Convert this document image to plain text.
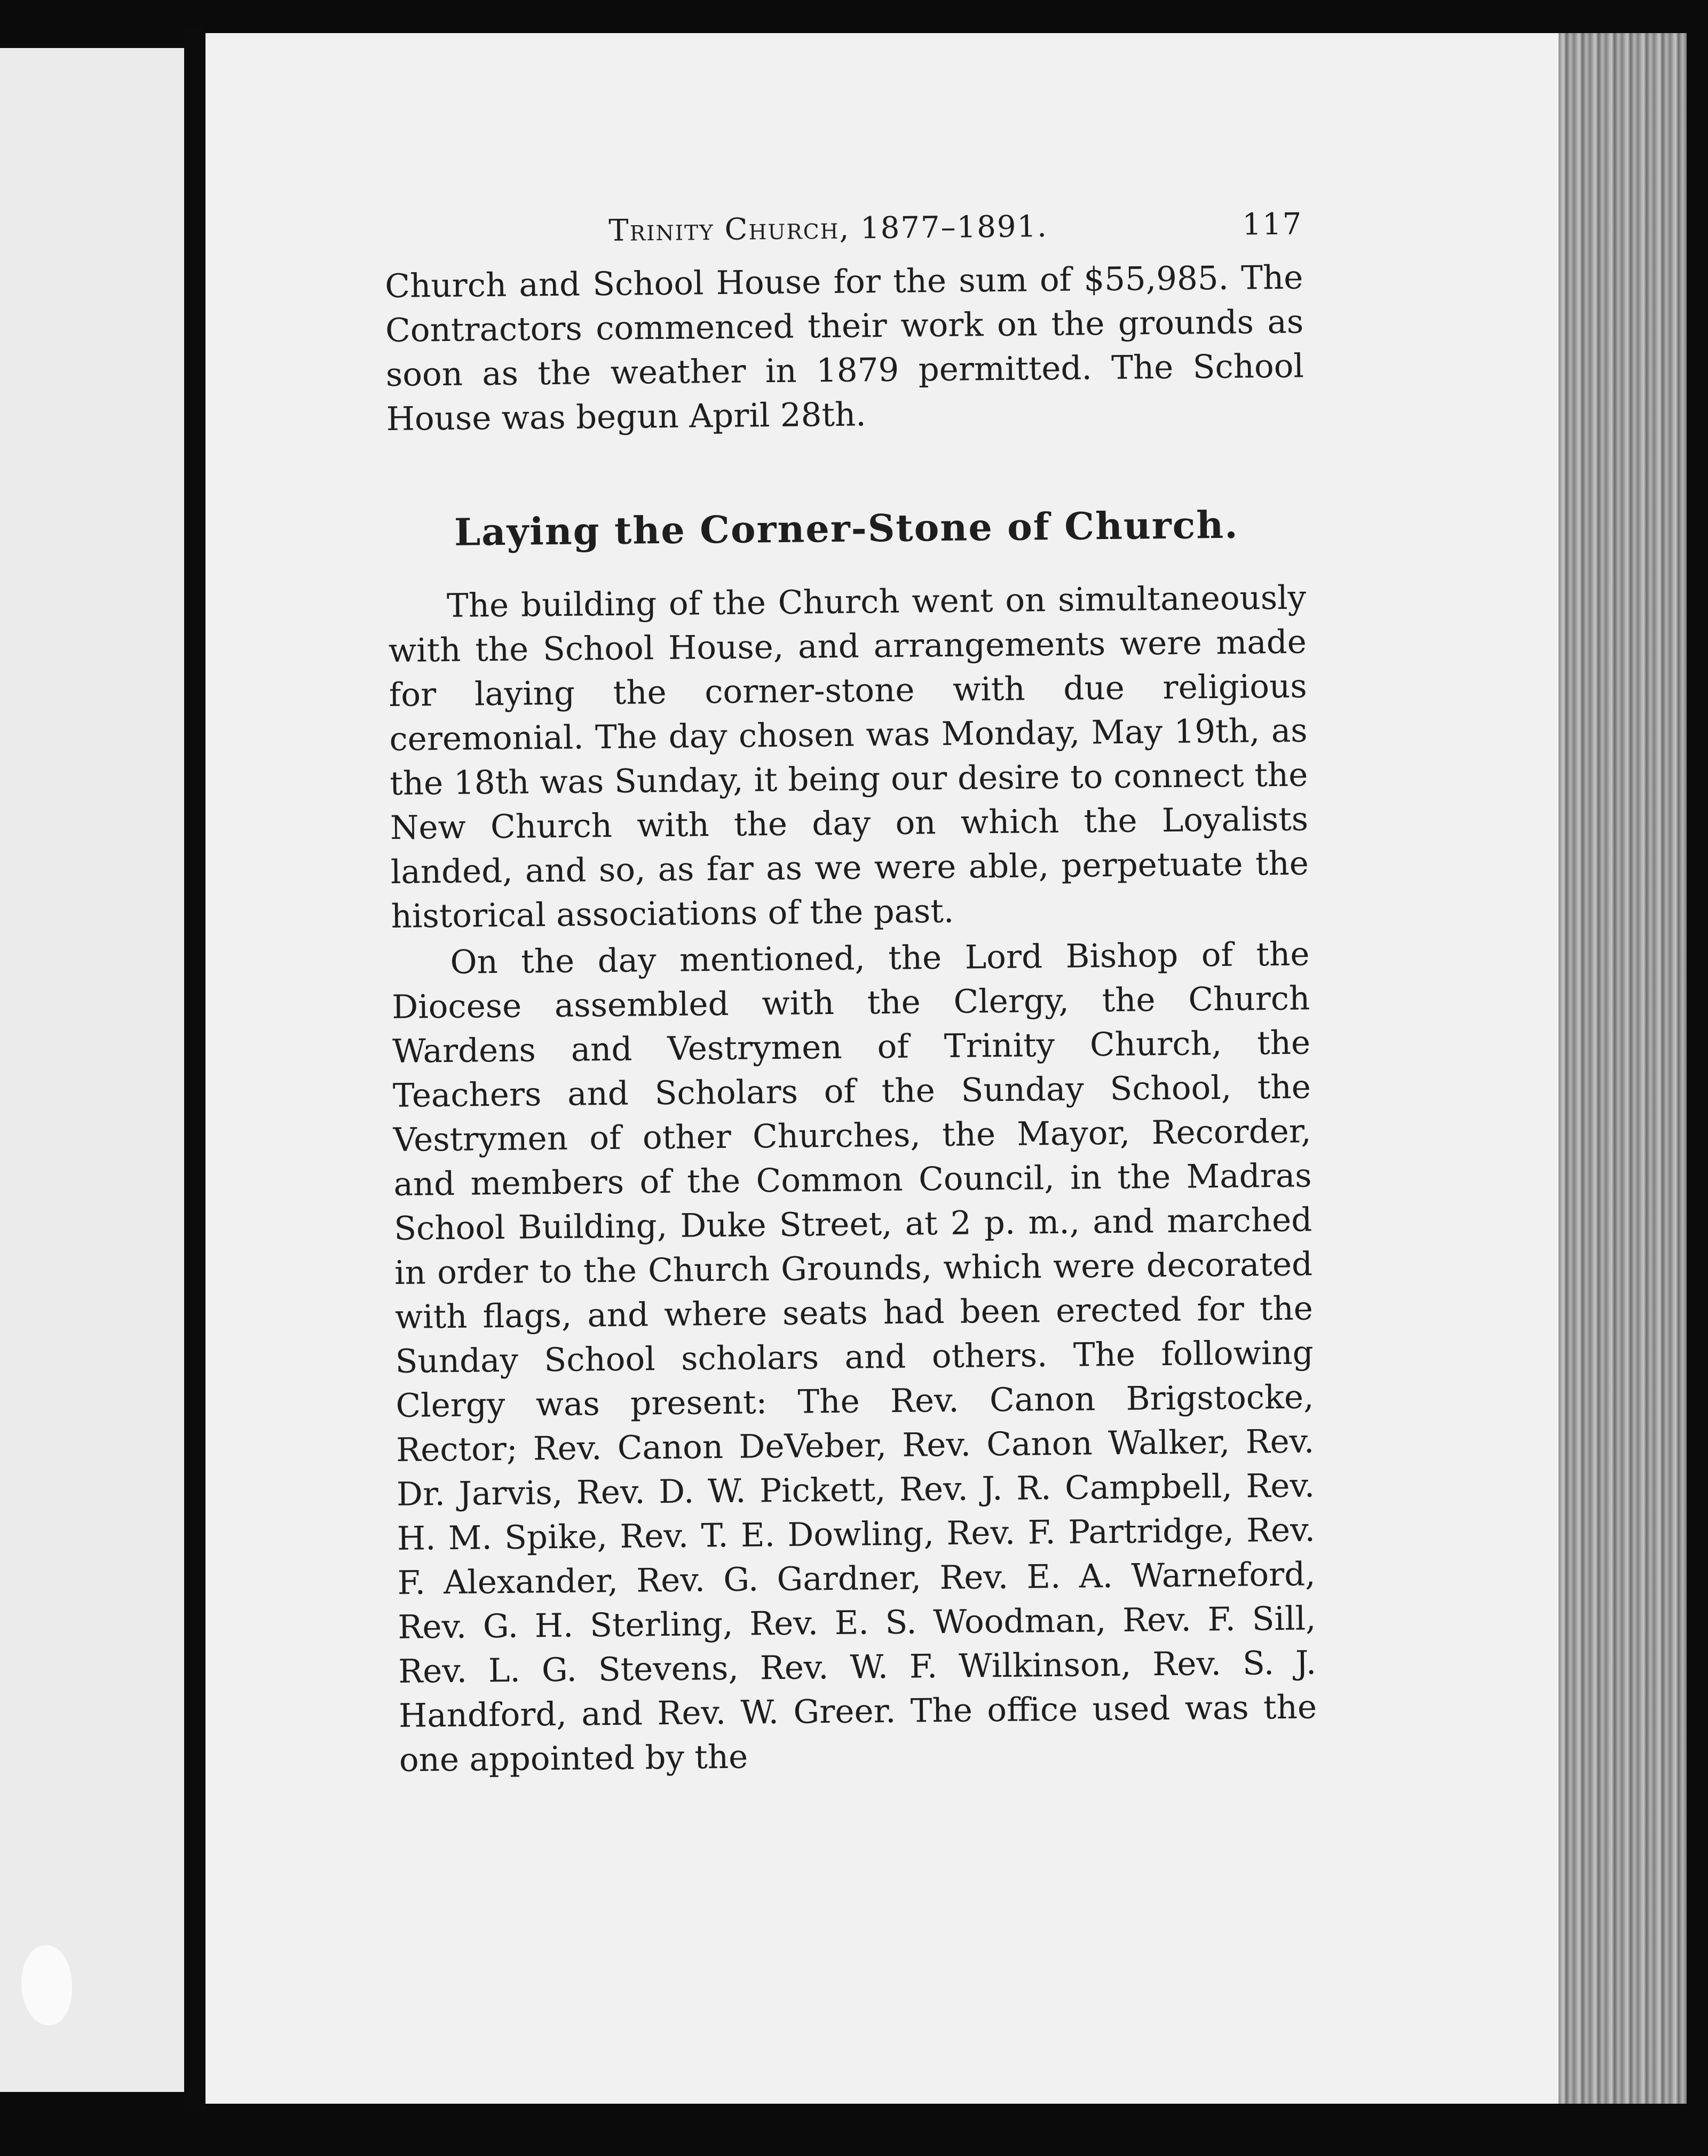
Trinity Church, 1877–1891.	117

Church and School House for the sum of $55,985. The Contractors commenced their work on the grounds as soon as the weather in 1879 permitted. The School House was begun April 28th.

Laying the Corner-Stone of Church.

The building of the Church went on simultaneously with the School House, and arrangements were made for laying the corner-stone with due religious ceremonial. The day chosen was Monday, May 19th, as the 18th was Sunday, it being our desire to connect the New Church with the day on which the Loyalists landed, and so, as far as we were able, perpetuate the historical associations of the past.

On the day mentioned, the Lord Bishop of the Diocese assembled with the Clergy, the Church Wardens and Vestrymen of Trinity Church, the Teachers and Scholars of the Sunday School, the Vestrymen of other Churches, the Mayor, Recorder, and members of the Common Council, in the Madras School Building, Duke Street, at 2 p. m., and marched in order to the Church Grounds, which were decorated with flags, and where seats had been erected for the Sunday School scholars and others. The following Clergy was present: The Rev. Canon Brigstocke, Rector; Rev. Canon DeVeber, Rev. Canon Walker, Rev. Dr. Jarvis, Rev. D. W. Pickett, Rev. J. R. Campbell, Rev. H. M. Spike, Rev. T. E. Dowling, Rev. F. Partridge, Rev. F. Alexander, Rev. G. Gardner, Rev. E. A. Warneford, Rev. G. H. Sterling, Rev. E. S. Woodman, Rev. F. Sill, Rev. L. G. Stevens, Rev. W. F. Wilkinson, Rev. S. J. Handford, and Rev. W. Greer. The office used was the one appointed by the
